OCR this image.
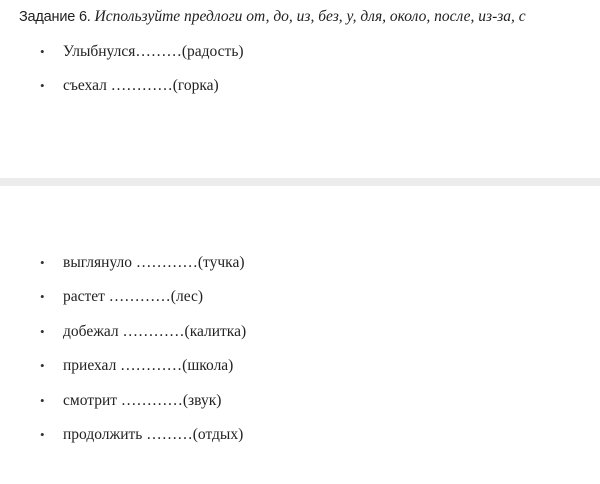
Задание 6. Используйте предлоги от, до, из, без, у, для, около, после, из-за, с
• Улыбнулся………(радость)
• съехал …………(горка)
• выглянуло …………(тучка)
• растет …………(лес)
• добежал …………(калитка)
• приехал …………(школа)
• смотрит …………(звук)
• продолжить ………(отдых)
